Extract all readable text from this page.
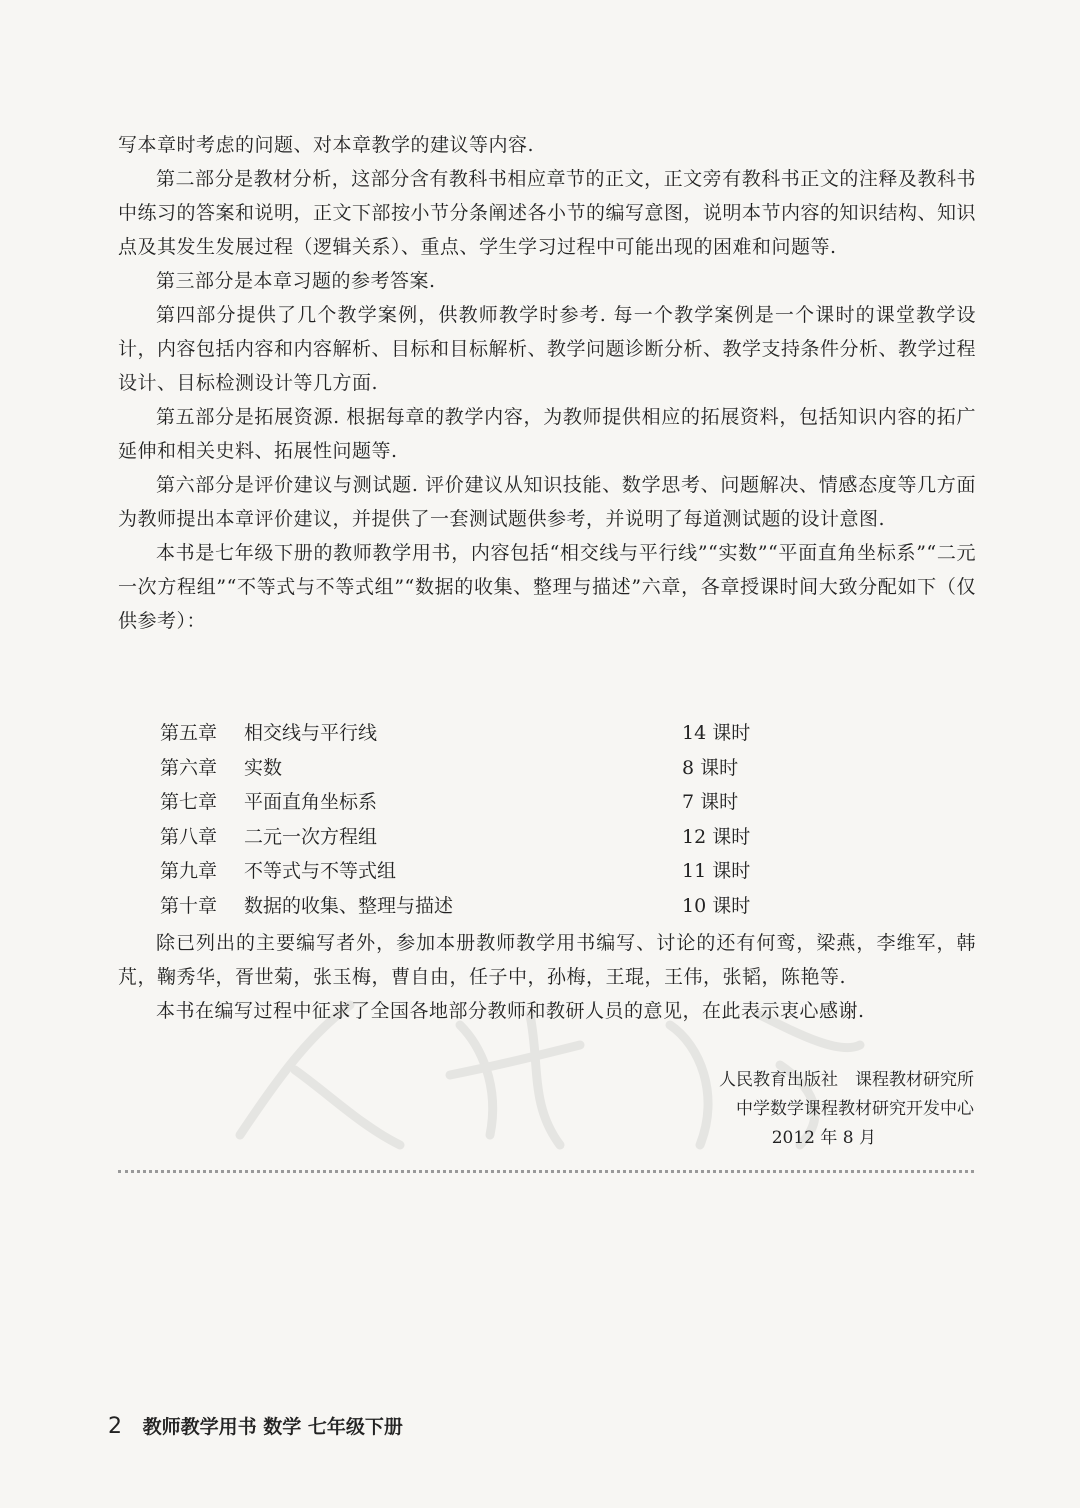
写本章时考虑的问题、对本章教学的建议等内容.

第二部分是教材分析，这部分含有教科书相应章节的正文，正文旁有教科书正文的注释及教科书中练习的答案和说明，正文下部按小节分条阐述各小节的编写意图，说明本节内容的知识结构、知识点及其发生发展过程（逻辑关系）、重点、学生学习过程中可能出现的困难和问题等.

第三部分是本章习题的参考答案.

第四部分提供了几个教学案例，供教师教学时参考. 每一个教学案例是一个课时的课堂教学设计，内容包括内容和内容解析、目标和目标解析、教学问题诊断分析、教学支持条件分析、教学过程设计、目标检测设计等几方面.

第五部分是拓展资源. 根据每章的教学内容，为教师提供相应的拓展资料，包括知识内容的拓广延伸和相关史料、拓展性问题等.

第六部分是评价建议与测试题. 评价建议从知识技能、数学思考、问题解决、情感态度等几方面为教师提出本章评价建议，并提供了一套测试题供参考，并说明了每道测试题的设计意图.

本书是七年级下册的教师教学用书，内容包括“相交线与平行线”“实数”“平面直角坐标系”“二元一次方程组”“不等式与不等式组”“数据的收集、整理与描述”六章，各章授课时间大致分配如下（仅供参考）：

第五章	相交线与平行线	14 课时
第六章	实数	8 课时
第七章	平面直角坐标系	7 课时
第八章	二元一次方程组	12 课时
第九章	不等式与不等式组	11 课时
第十章	数据的收集、整理与描述	10 课时

除已列出的主要编写者外，参加本册教师教学用书编写、讨论的还有何鸾，梁燕，李维军，韩芃，鞠秀华，胥世菊，张玉梅，曹自由，任子中，孙梅，王琨，王伟，张韬，陈艳等.

本书在编写过程中征求了全国各地部分教师和教研人员的意见，在此表示衷心感谢.

人民教育出版社　课程教材研究所
中学数学课程教材研究开发中心
2012 年 8 月
2 教师教学用书 数学 七年级下册
